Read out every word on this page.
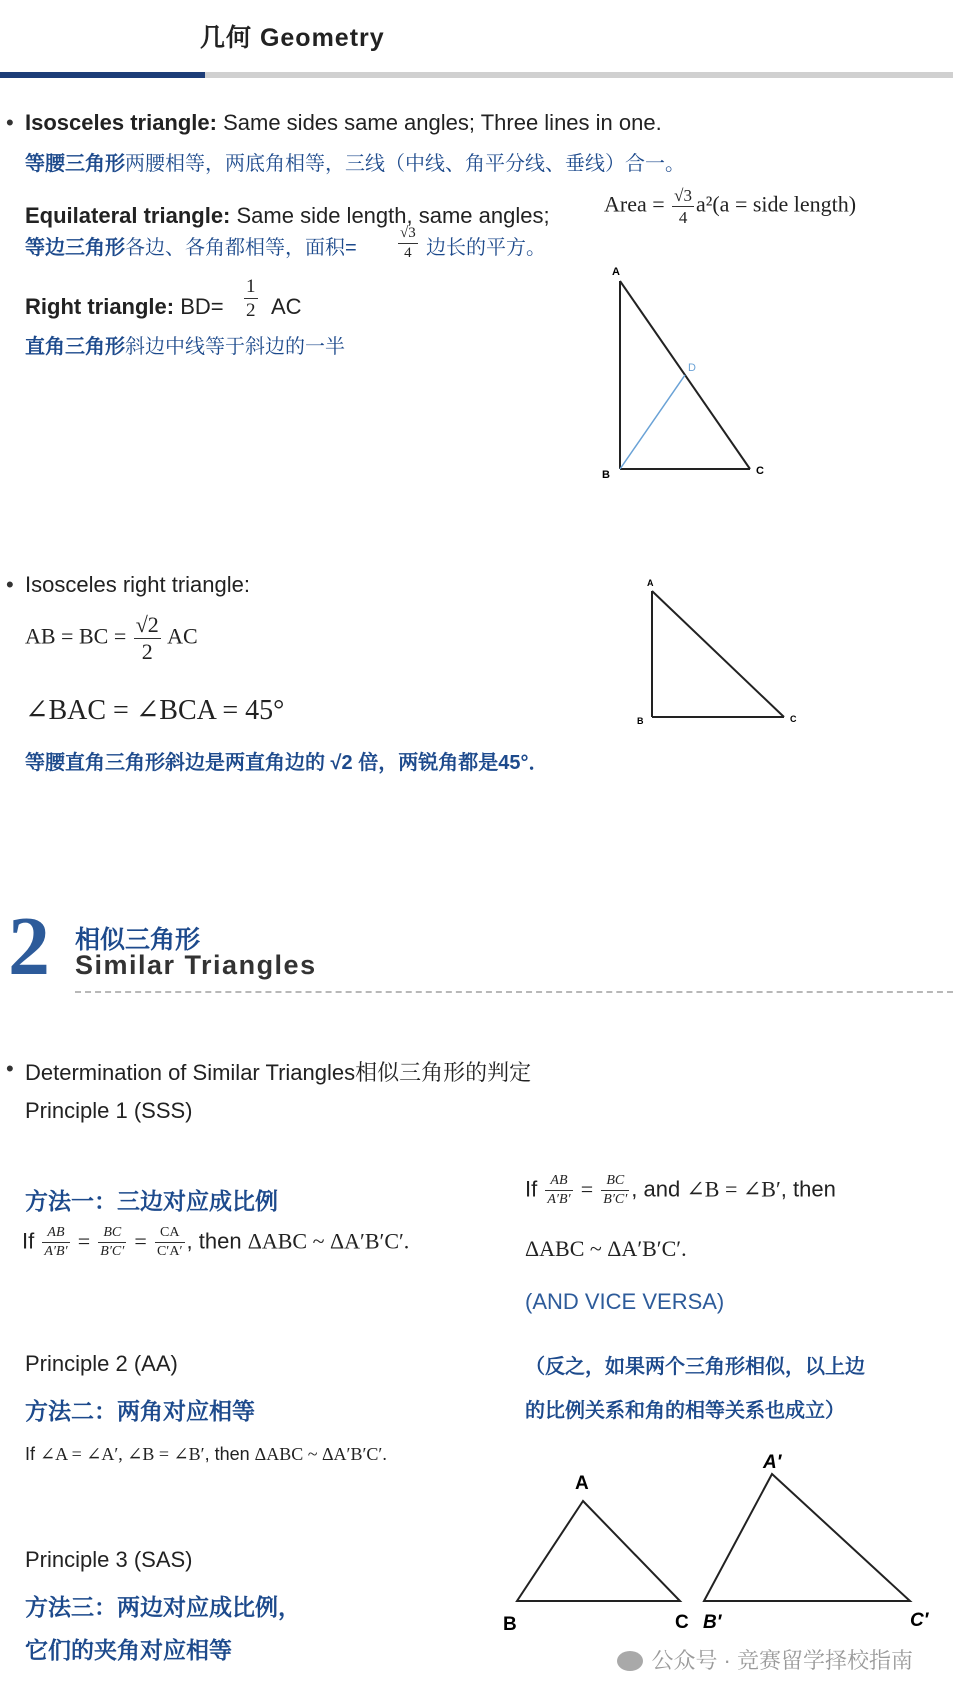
几何 Geometry
• Isosceles triangle: Same sides same angles; Three lines in one.
等腰三角形两腰相等，两底角相等，三线（中线、角平分线、垂线）合一。
Equilateral triangle: Same side length, same angles; Area = $\frac{√3}{4} a^2(a$ = side length)
等边三角形各边、各角都相等，面积=	$\frac{√3}{4}$ 边长的平方。
Right triangle: $BD= \frac{1}{2}$ AC
直角三角形斜边中线等于斜边的一半
A
B	C
D
• Isosceles right triangle:
AB = BC = $\frac{√2}{2}$ AC
∠BAC = ∠BCA = 45°
等腰直角三角形斜边是两直角边的 √2 倍，两锐角都是45°．
A
B	C
2 相似三角形
Similar Triangles
• Determination of Similar Triangles相似三角形的判定
Principle 1 (SSS)
方法一：三边对应成比例
If $\frac{AB}{A'B'} = \frac{BC}{B'C'} = \frac{CA}{C'A'}$ , then ΔABC ~ ΔA′B′C′.
If $\frac{AB}{A'B'} = \frac{BC}{B'C'}$ , and ∠B = ∠B′, then
ΔABC ~ ΔA′B′C′.
(AND VICE VERSA)
（反之，如果两个三角形相似，以上边
的比例关系和角的相等关系也成立）
Principle 2 (AA)
方法二：两角对应相等
If ∠A = ∠A′, ∠B = ∠B′, then ΔABC ~ ΔA′B′C′.
Principle 3 (SAS)
方法三：两边对应成比例，
它们的夹角对应相等
A
B	C
A′
B′	C′
公众号 · 竞赛留学择校指南
